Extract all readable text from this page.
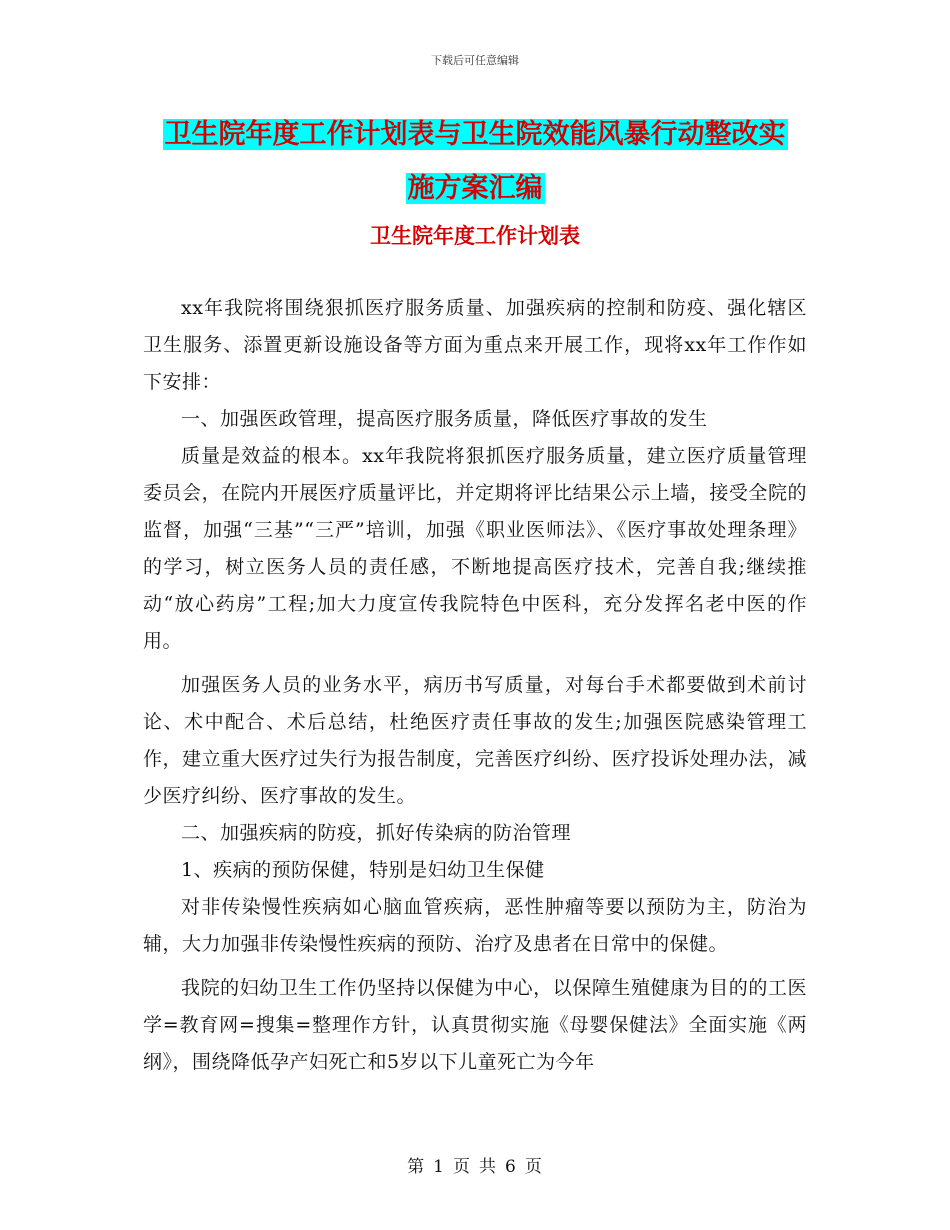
下载后可任意编辑
卫生院年度工作计划表与卫生院效能风暴行动整改实
施方案汇编
卫生院年度工作计划表

xx年我院将围绕狠抓医疗服务质量、加强疾病的控制和防疫、强化辖区卫生服务、添置更新设施设备等方面为重点来开展工作，现将xx年工作作如下安排：

一、加强医政管理，提高医疗服务质量，降低医疗事故的发生

质量是效益的根本。xx年我院将狠抓医疗服务质量，建立医疗质量管理委员会，在院内开展医疗质量评比，并定期将评比结果公示上墙，接受全院的监督，加强“三基”“三严”培训，加强《职业医师法》、《医疗事故处理条理》的学习，树立医务人员的责任感，不断地提高医疗技术，完善自我;继续推动“放心药房”工程;加大力度宣传我院特色中医科，充分发挥名老中医的作用。

加强医务人员的业务水平，病历书写质量，对每台手术都要做到术前讨论、术中配合、术后总结，杜绝医疗责任事故的发生;加强医院感染管理工作，建立重大医疗过失行为报告制度，完善医疗纠纷、医疗投诉处理办法，减少医疗纠纷、医疗事故的发生。

二、加强疾病的防疫，抓好传染病的防治管理

1、疾病的预防保健，特别是妇幼卫生保健

对非传染慢性疾病如心脑血管疾病，恶性肿瘤等要以预防为主，防治为辅，大力加强非传染慢性疾病的预防、治疗及患者在日常中的保健。

我院的妇幼卫生工作仍坚持以保健为中心，以保障生殖健康为目的的工医学=教育网=搜集=整理作方针，认真贯彻实施《母婴保健法》全面实施《两纲》，围绕降低孕产妇死亡和5岁以下儿童死亡为今年

第 1 页 共 6 页
